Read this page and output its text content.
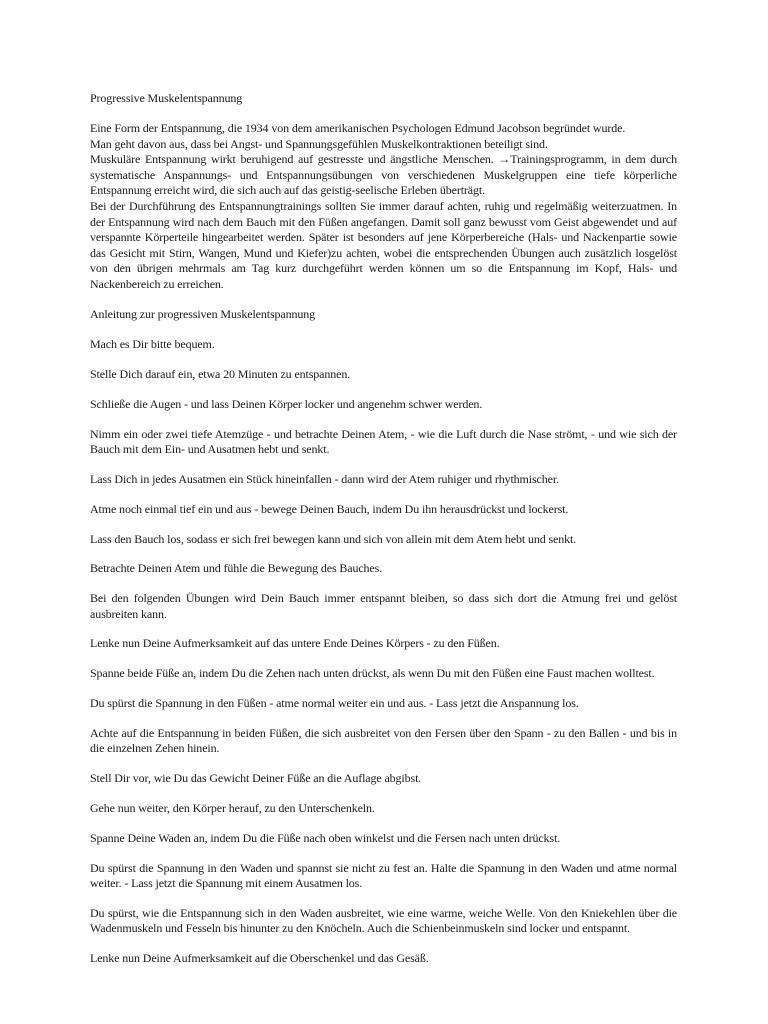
Progressive Muskelentspannung

Eine Form der Entspannung, die 1934 von dem amerikanischen Psychologen Edmund Jacobson begründet wurde.

Man geht davon aus, dass bei Angst- und Spannungsgefühlen Muskelkontraktionen beteiligt sind.

Muskuläre Entspannung wirkt beruhigend auf gestresste und ängstliche Menschen. →Trainingsprogramm, in dem durch systematische Anspannungs- und Entspannungsübungen von verschiedenen Muskelgruppen eine tiefe körperliche Entspannung erreicht wird, die sich auch auf das geistig-seelische Erleben überträgt.

Bei der Durchführung des Entspannungtrainings sollten Sie immer darauf achten, ruhig und regelmäßig weiterzuatmen. In der Entspannung wird nach dem Bauch mit den Füßen angefangen. Damit soll ganz bewusst vom Geist abgewendet und auf verspannte Körperteile hingearbeitet werden. Später ist besonders auf jene Körperbereiche (Hals- und Nackenpartie sowie das Gesicht mit Stirn, Wangen, Mund und Kiefer)zu achten, wobei die entsprechenden Übungen auch zusätzlich losgelöst von den übrigen mehrmals am Tag kurz durchgeführt werden können um so die Entspannung im Kopf, Hals- und Nackenbereich zu erreichen.

Anleitung zur progressiven Muskelentspannung

Mach es Dir bitte bequem.

Stelle Dich darauf ein, etwa 20 Minuten zu entspannen.

Schließe die Augen - und lass Deinen Körper locker und angenehm schwer werden.

Nimm ein oder zwei tiefe Atemzüge - und betrachte Deinen Atem, - wie die Luft durch die Nase strömt, - und wie sich der Bauch mit dem Ein- und Ausatmen hebt und senkt.

Lass Dich in jedes Ausatmen ein Stück hineinfallen - dann wird der Atem ruhiger und rhythmischer.

Atme noch einmal tief ein und aus - bewege Deinen Bauch, indem Du ihn herausdrückst und lockerst.

Lass den Bauch los, sodass er sich frei bewegen kann und sich von allein mit dem Atem hebt und senkt.

Betrachte Deinen Atem und fühle die Bewegung des Bauches.

Bei den folgenden Übungen wird Dein Bauch immer entspannt bleiben, so dass sich dort die Atmung frei und gelöst ausbreiten kann.

Lenke nun Deine Aufmerksamkeit auf das untere Ende Deines Körpers - zu den Füßen.

Spanne beide Füße an, indem Du die Zehen nach unten drückst, als wenn Du mit den Füßen eine Faust machen wolltest.

Du spürst die Spannung in den Füßen - atme normal weiter ein und aus. - Lass jetzt die Anspannung los.

Achte auf die Entspannung in beiden Füßen, die sich ausbreitet von den Fersen über den Spann - zu den Ballen - und bis in die einzelnen Zehen hinein.

Stell Dir vor, wie Du das Gewicht Deiner Füße an die Auflage abgibst.

Gehe nun weiter, den Körper herauf, zu den Unterschenkeln.

Spanne Deine Waden an, indem Du die Füße nach oben winkelst und die Fersen nach unten drückst.

Du spürst die Spannung in den Waden und spannst sie nicht zu fest an. Halte die Spannung in den Waden und atme normal weiter. - Lass jetzt die Spannung mit einem Ausatmen los.

Du spürst, wie die Entspannung sich in den Waden ausbreitet, wie eine warme, weiche Welle. Von den Kniekehlen über die Wadenmuskeln und Fesseln bis hinunter zu den Knöcheln. Auch die Schienbeinmuskeln sind locker und entspannt.

Lenke nun Deine Aufmerksamkeit auf die Oberschenkel und das Gesäß.
